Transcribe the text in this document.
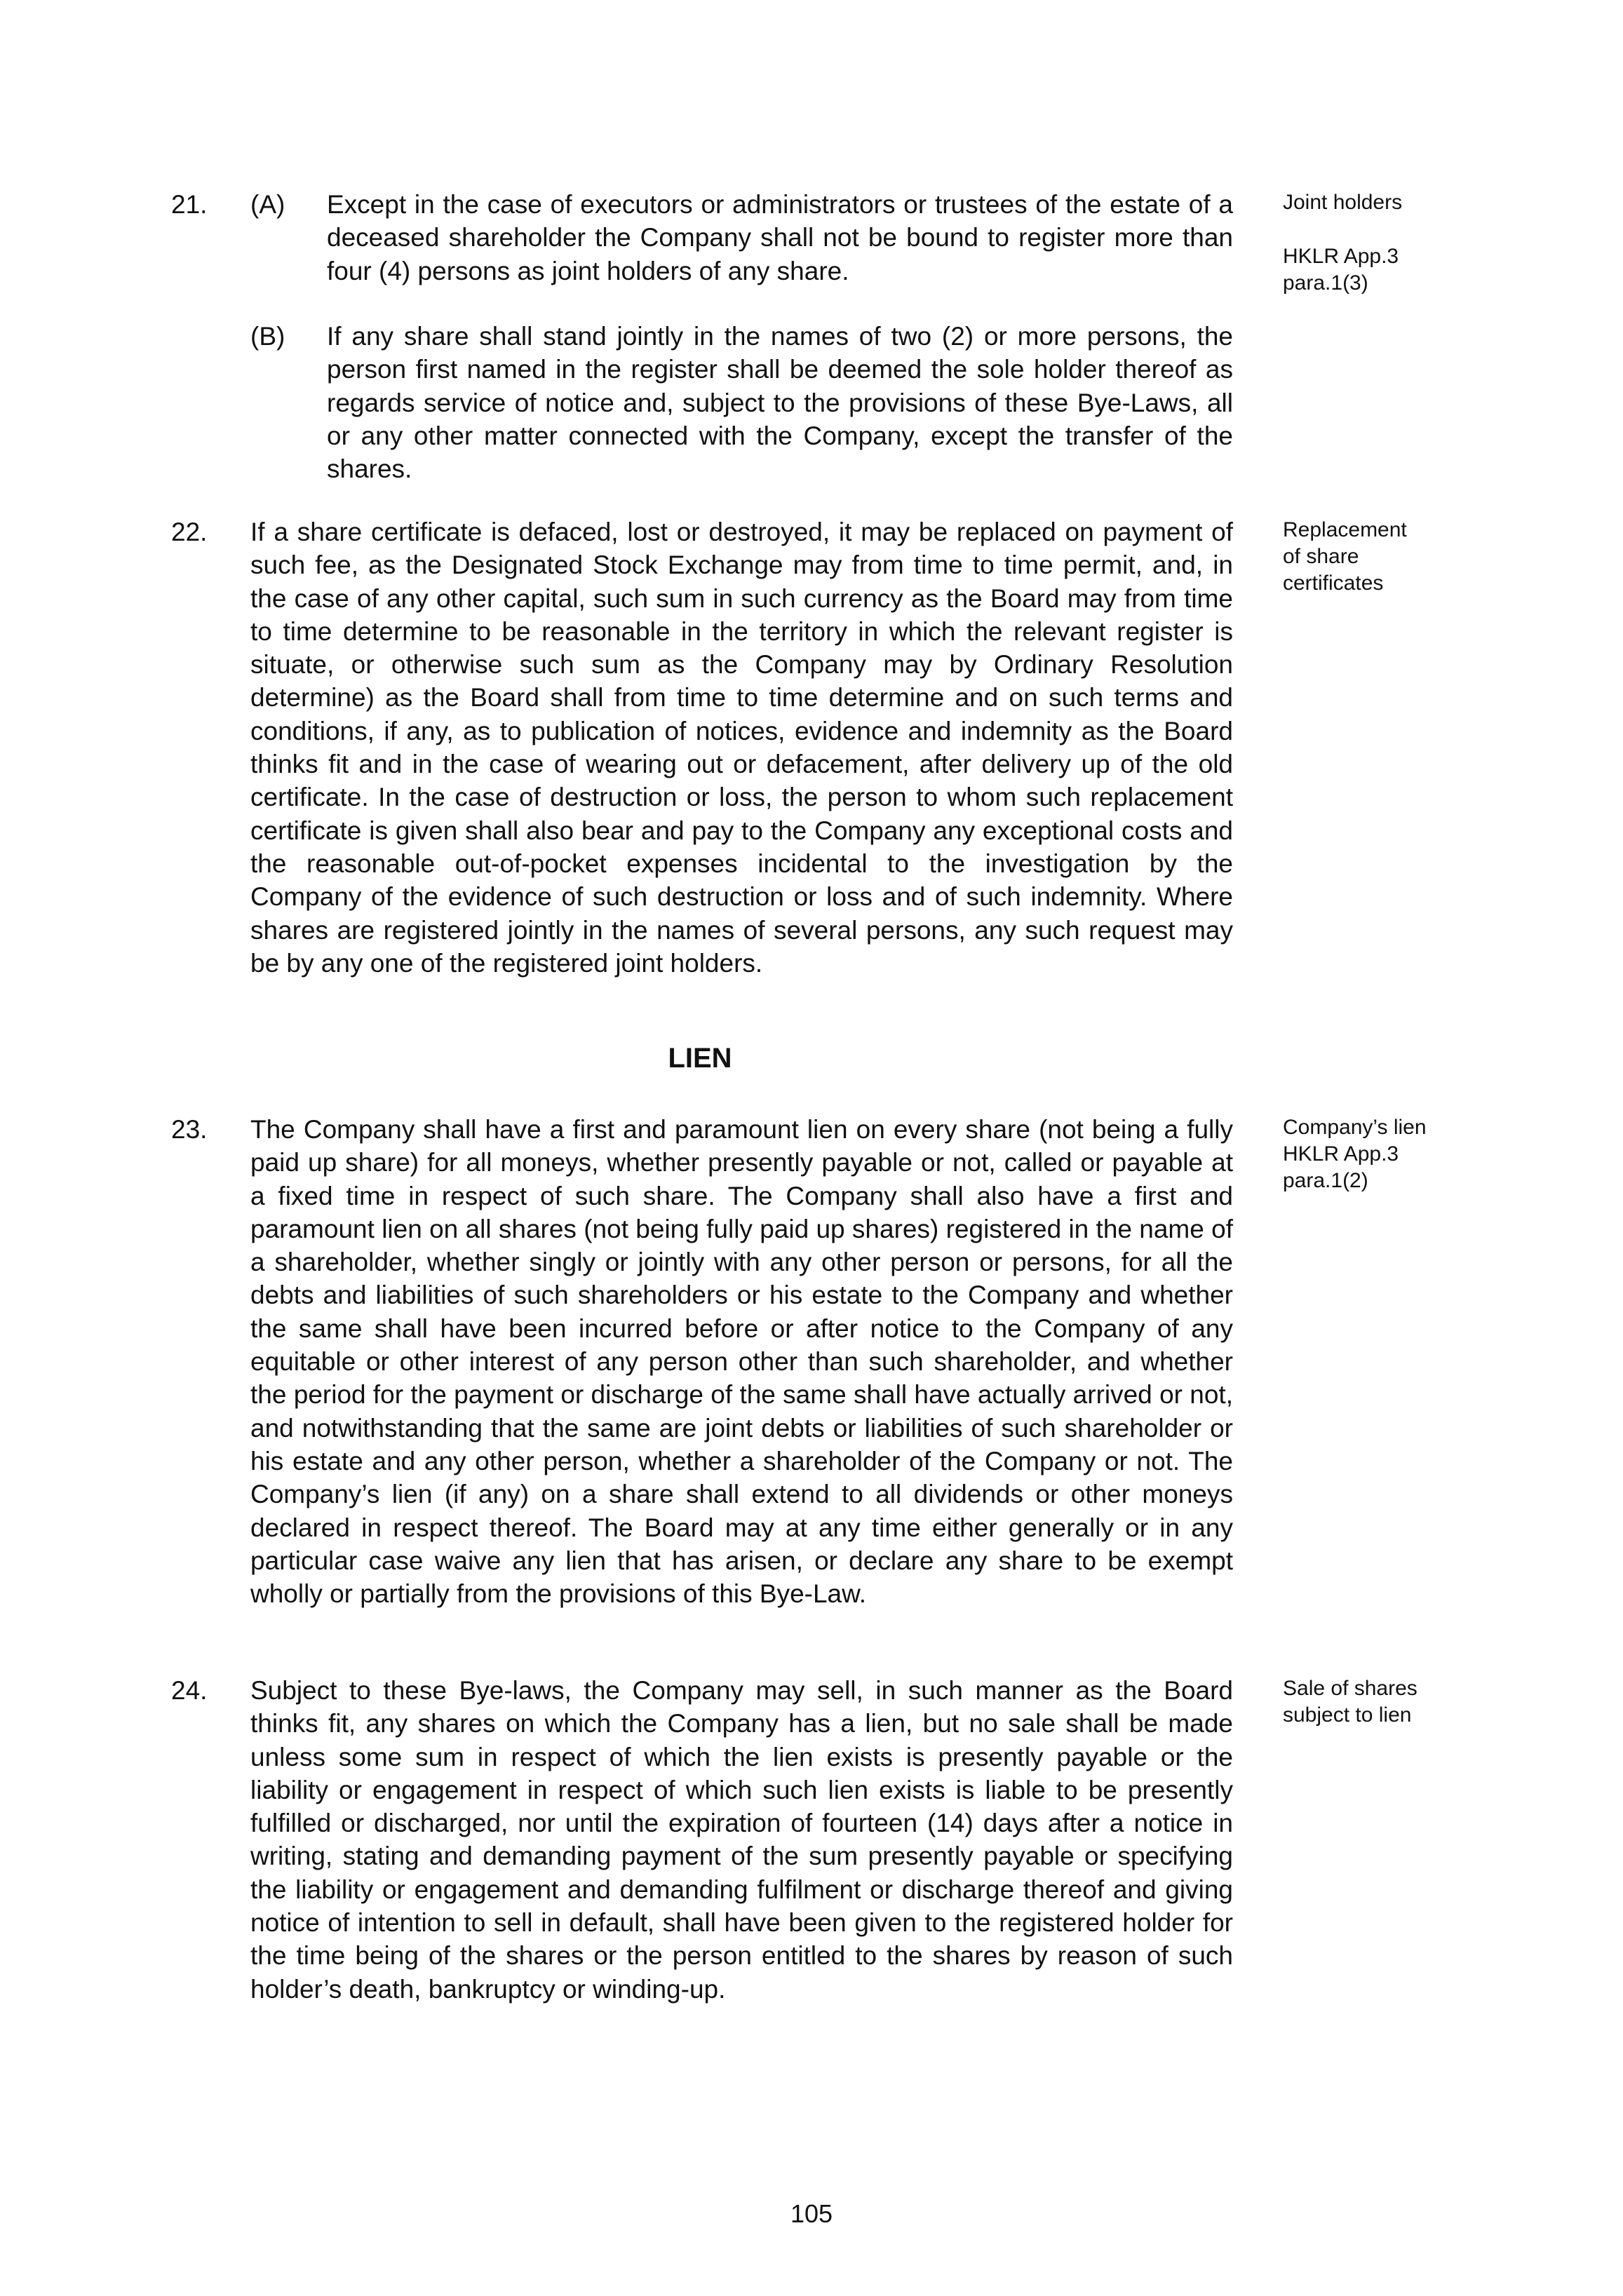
21. (A) Except in the case of executors or administrators or trustees of the estate of a deceased shareholder the Company shall not be bound to register more than four (4) persons as joint holders of any share.

(B) If any share shall stand jointly in the names of two (2) or more persons, the person first named in the register shall be deemed the sole holder thereof as regards service of notice and, subject to the provisions of these Bye-Laws, all or any other matter connected with the Company, except the transfer of the shares.

22. If a share certificate is defaced, lost or destroyed, it may be replaced on payment of such fee, as the Designated Stock Exchange may from time to time permit, and, in the case of any other capital, such sum in such currency as the Board may from time to time determine to be reasonable in the territory in which the relevant register is situate, or otherwise such sum as the Company may by Ordinary Resolution determine) as the Board shall from time to time determine and on such terms and conditions, if any, as to publication of notices, evidence and indemnity as the Board thinks fit and in the case of wearing out or defacement, after delivery up of the old certificate. In the case of destruction or loss, the person to whom such replacement certificate is given shall also bear and pay to the Company any exceptional costs and the reasonable out-of-pocket expenses incidental to the investigation by the Company of the evidence of such destruction or loss and of such indemnity. Where shares are registered jointly in the names of several persons, any such request may be by any one of the registered joint holders.

LIEN
23. The Company shall have a first and paramount lien on every share (not being a fully paid up share) for all moneys, whether presently payable or not, called or payable at a fixed time in respect of such share. The Company shall also have a first and paramount lien on all shares (not being fully paid up shares) registered in the name of a shareholder, whether singly or jointly with any other person or persons, for all the debts and liabilities of such shareholders or his estate to the Company and whether the same shall have been incurred before or after notice to the Company of any equitable or other interest of any person other than such shareholder, and whether the period for the payment or discharge of the same shall have actually arrived or not, and notwithstanding that the same are joint debts or liabilities of such shareholder or his estate and any other person, whether a shareholder of the Company or not. The Company’s lien (if any) on a share shall extend to all dividends or other moneys declared in respect thereof. The Board may at any time either generally or in any particular case waive any lien that has arisen, or declare any share to be exempt wholly or partially from the provisions of this Bye-Law.

24. Subject to these Bye-laws, the Company may sell, in such manner as the Board thinks fit, any shares on which the Company has a lien, but no sale shall be made unless some sum in respect of which the lien exists is presently payable or the liability or engagement in respect of which such lien exists is liable to be presently fulfilled or discharged, nor until the expiration of fourteen (14) days after a notice in writing, stating and demanding payment of the sum presently payable or specifying the liability or engagement and demanding fulfilment or discharge thereof and giving notice of intention to sell in default, shall have been given to the registered holder for the time being of the shares or the person entitled to the shares by reason of such holder’s death, bankruptcy or winding-up.

Joint holders
HKLR App.3
para.1(3)
Replacement
of share
certificates
Company’s lien
HKLR App.3
para.1(2)
Sale of shares
subject to lien

105
